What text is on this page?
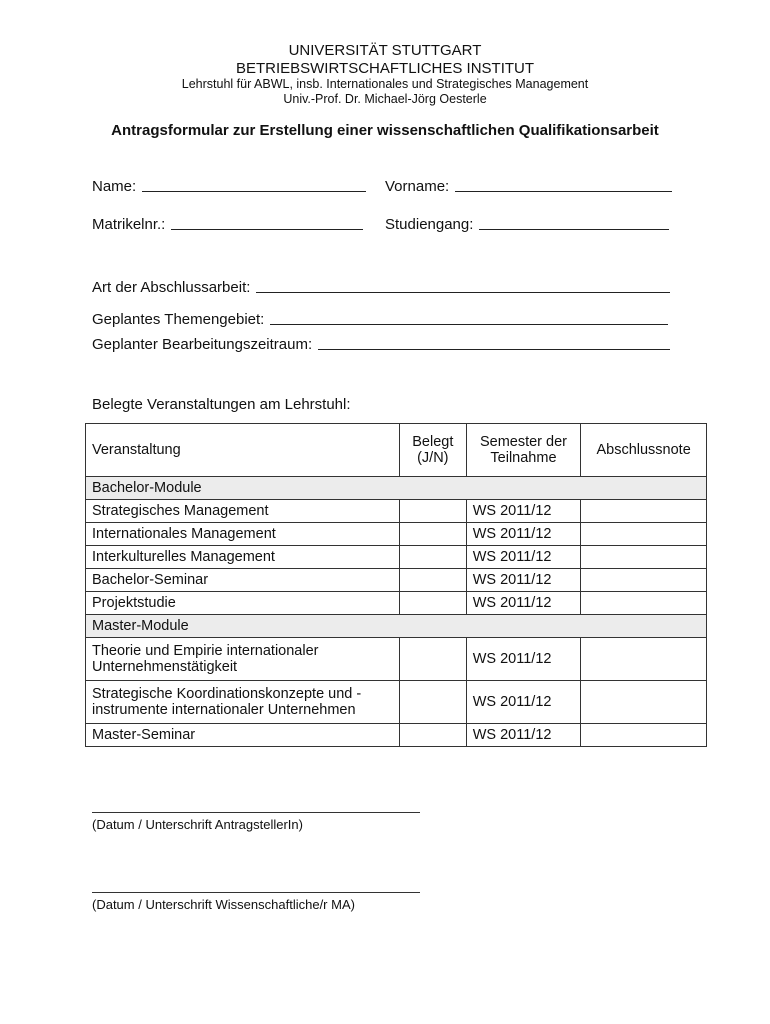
UNIVERSITÄT STUTTGART
BETRIEBSWIRTSCHAFTLICHES INSTITUT
Lehrstuhl für ABWL, insb. Internationales und Strategisches Management
Univ.-Prof. Dr. Michael-Jörg Oesterle
Antragsformular zur Erstellung einer wissenschaftlichen Qualifikationsarbeit
Name:	Vorname:
Matrikelnr.:	Studiengang:
Art der Abschlussarbeit:
Geplantes Themengebiet:
Geplanter Bearbeitungszeitraum:
Belegte Veranstaltungen am Lehrstuhl:
Veranstaltung	Belegt (J/N)	Semester der Teilnahme	Abschlussnote
Bachelor-Module			
Strategisches Management		WS 2011/12	
Internationales Management		WS 2011/12	
Interkulturelles Management		WS 2011/12	
Bachelor-Seminar		WS 2011/12	
Projektstudie		WS 2011/12	
Master-Module			
Theorie und Empirie internationaler Unternehmenstätigkeit		WS 2011/12	
Strategische Koordinationskonzepte und -instrumente internationaler Unternehmen		WS 2011/12	
Master-Seminar		WS 2011/12	
(Datum / Unterschrift AntragstellerIn)
(Datum / Unterschrift Wissenschaftliche/r MA)
